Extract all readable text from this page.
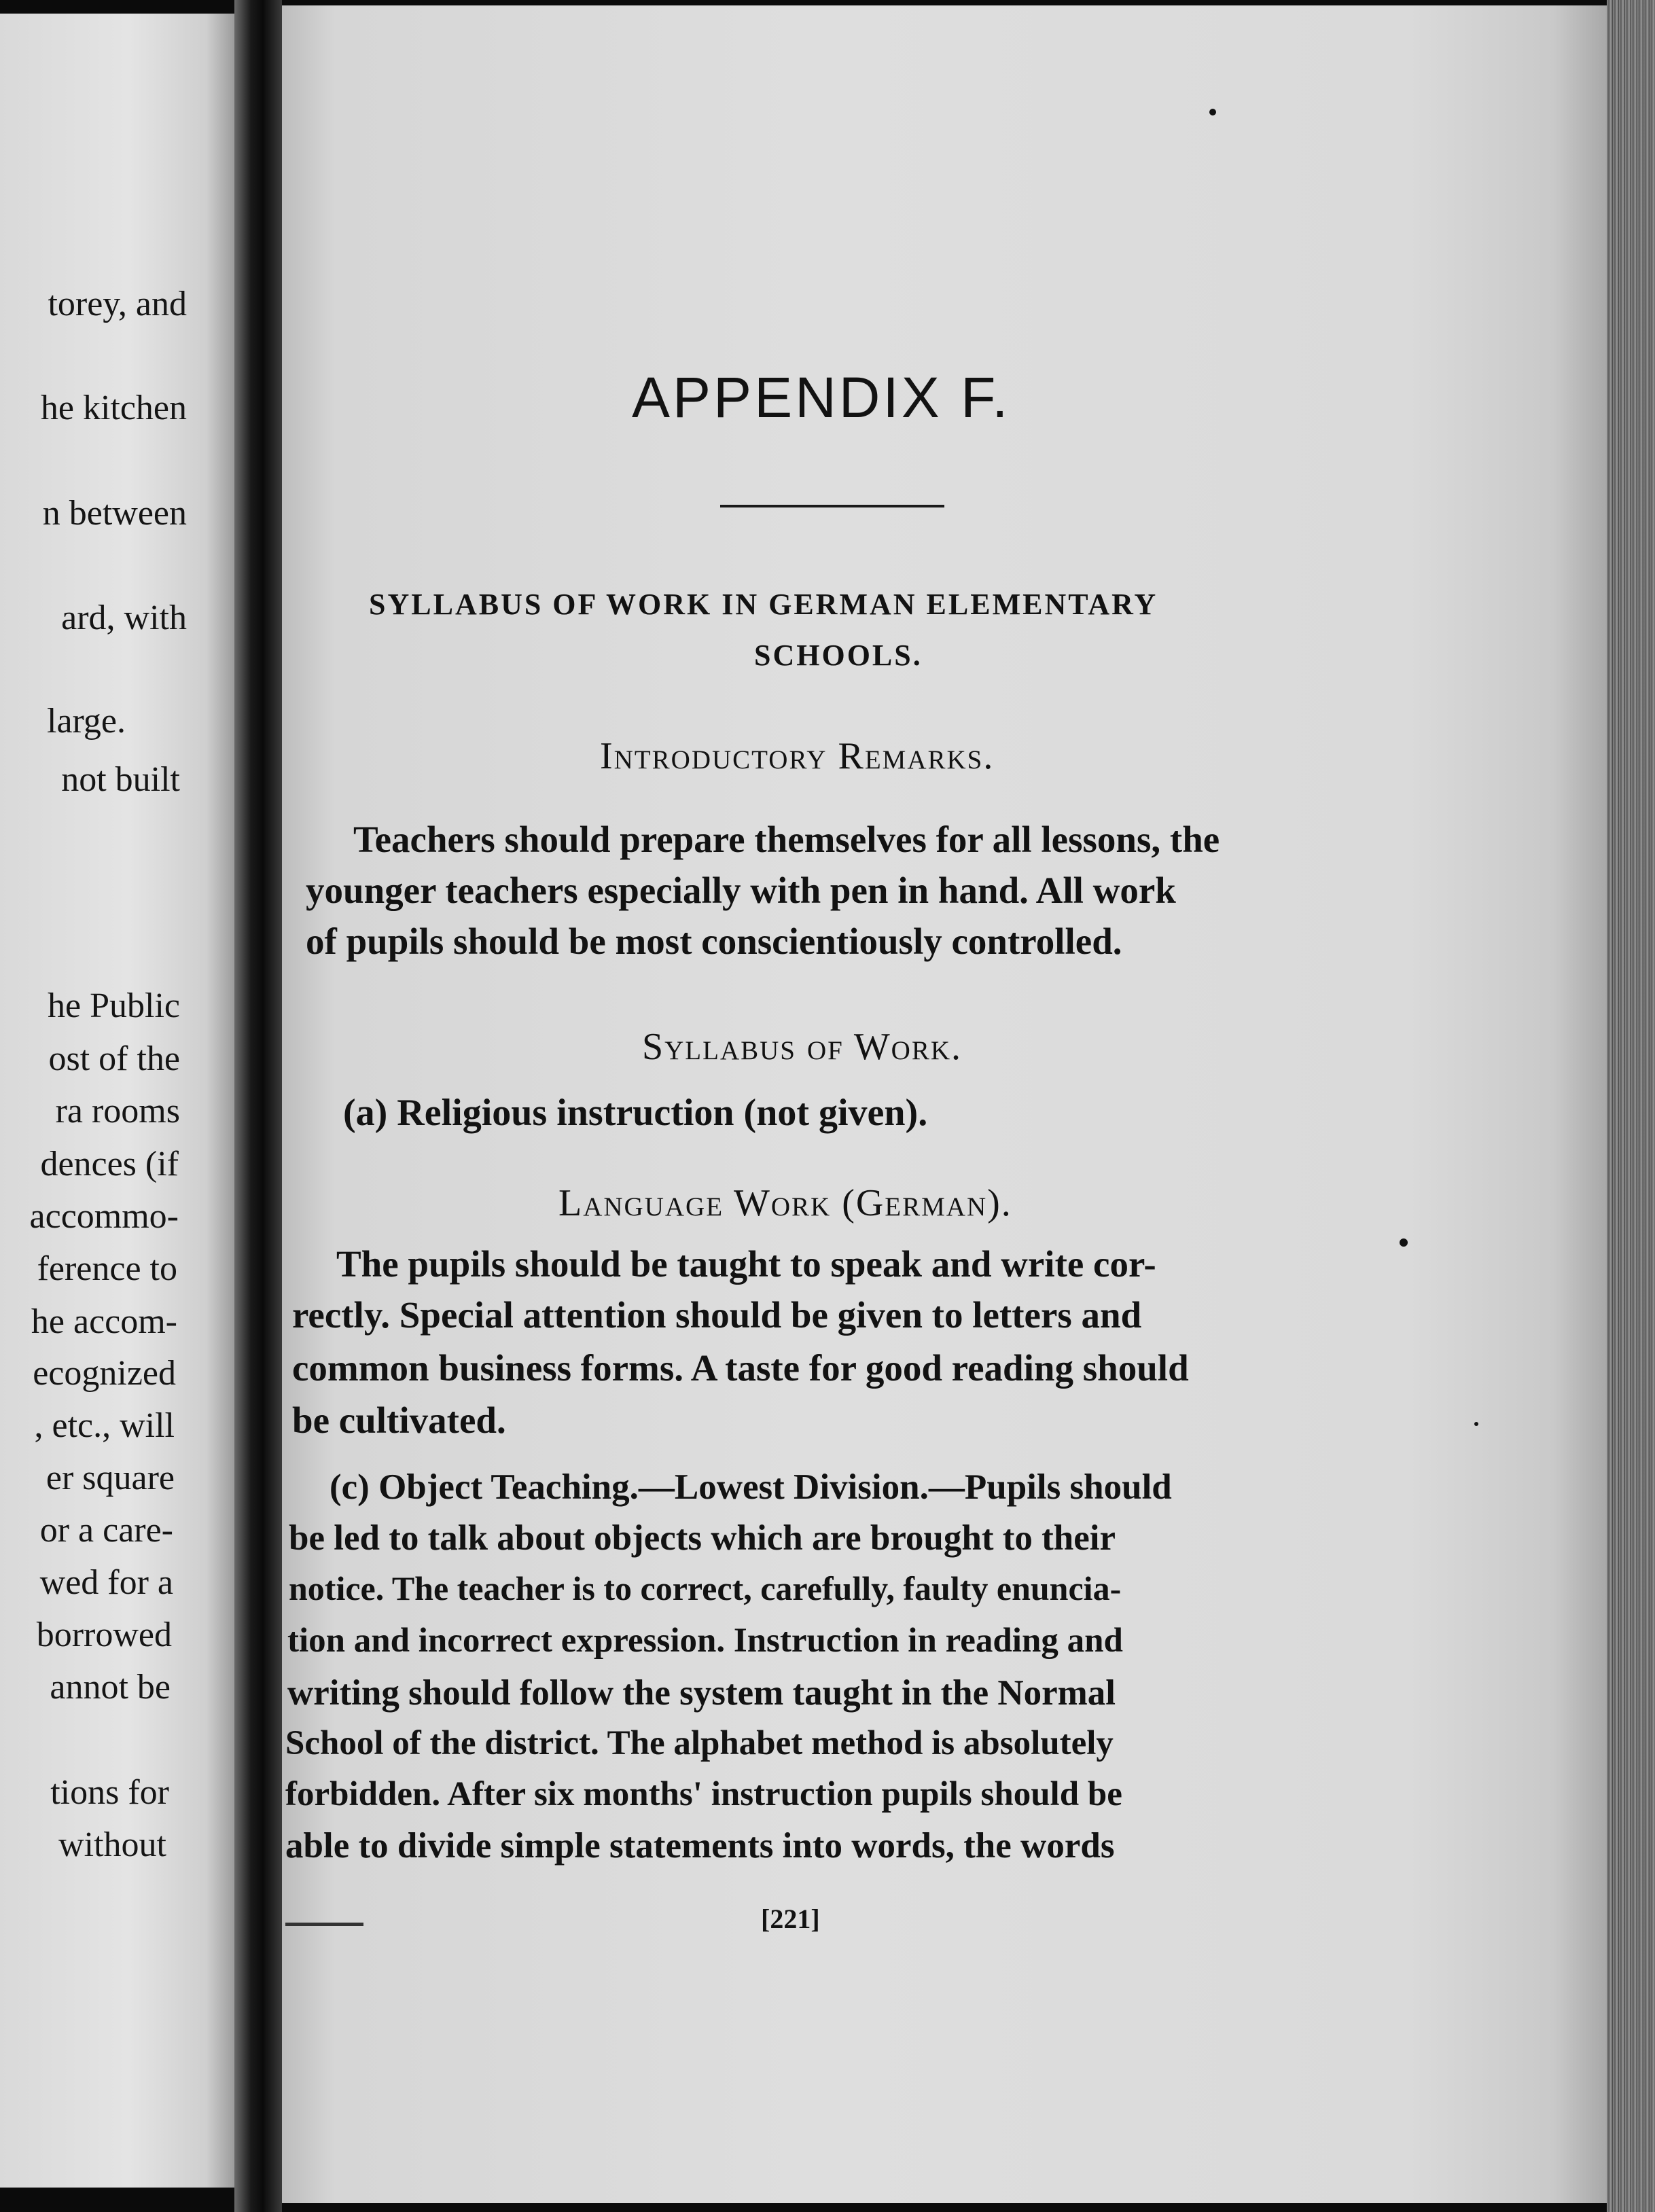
torey, and
he kitchen
n between
ard, with
large.
not built
he Public
ost of the
ra rooms
dences (if
accommo-
ference to
he accom-
ecognized
, etc., will
er square
or a care-
wed for a
borrowed
annot be
tions for
without
APPENDIX F.
SYLLABUS OF WORK IN GERMAN ELEMENTARY
SCHOOLS.
Introductory Remarks.
Teachers should prepare themselves for all lessons, the
younger teachers especially with pen in hand. All work
of pupils should be most conscientiously controlled.
Syllabus of Work.
(a) Religious instruction (not given).
Language Work (German).
The pupils should be taught to speak and write cor-
rectly. Special attention should be given to letters and
common business forms. A taste for good reading should
be cultivated.
(c) Object Teaching.—Lowest Division.—Pupils should
be led to talk about objects which are brought to their
notice. The teacher is to correct, carefully, faulty enuncia-
tion and incorrect expression. Instruction in reading and
writing should follow the system taught in the Normal
School of the district. The alphabet method is absolutely
forbidden. After six months' instruction pupils should be
able to divide simple statements into words, the words
[221]
